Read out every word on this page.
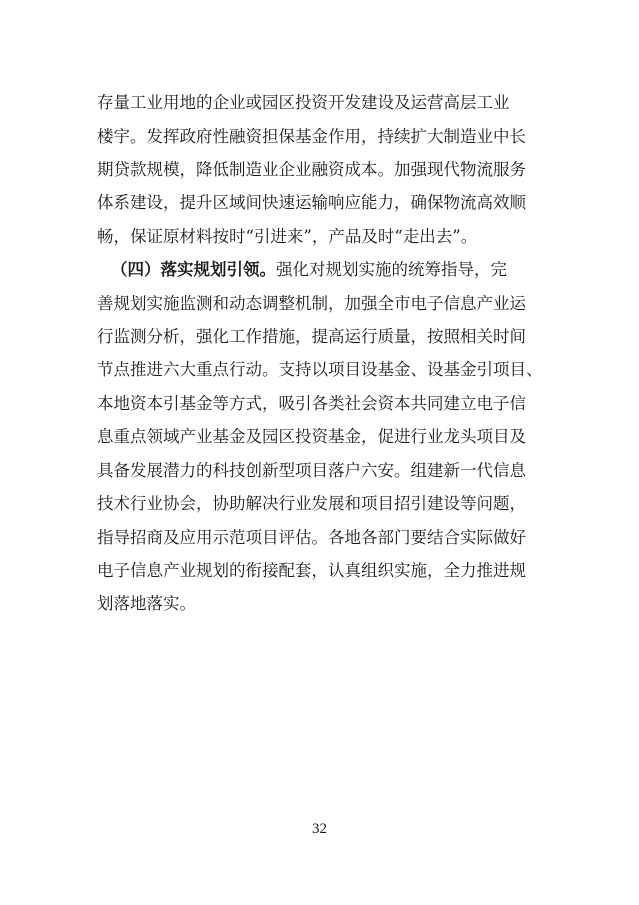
存量工业用地的企业或园区投资开发建设及运营高层工业
楼宇。发挥政府性融资担保基金作用，持续扩大制造业中长
期贷款规模，降低制造业企业融资成本。加强现代物流服务
体系建设，提升区域间快速运输响应能力，确保物流高效顺
畅，保证原材料按时“引进来”，产品及时“走出去”。
（四）落实规划引领。强化对规划实施的统筹指导，完
善规划实施监测和动态调整机制，加强全市电子信息产业运
行监测分析，强化工作措施，提高运行质量，按照相关时间
节点推进六大重点行动。支持以项目设基金、设基金引项目、
本地资本引基金等方式，吸引各类社会资本共同建立电子信
息重点领域产业基金及园区投资基金，促进行业龙头项目及
具备发展潜力的科技创新型项目落户六安。组建新一代信息
技术行业协会，协助解决行业发展和项目招引建设等问题，
指导招商及应用示范项目评估。各地各部门要结合实际做好
电子信息产业规划的衔接配套，认真组织实施，全力推进规
划落地落实。
32
